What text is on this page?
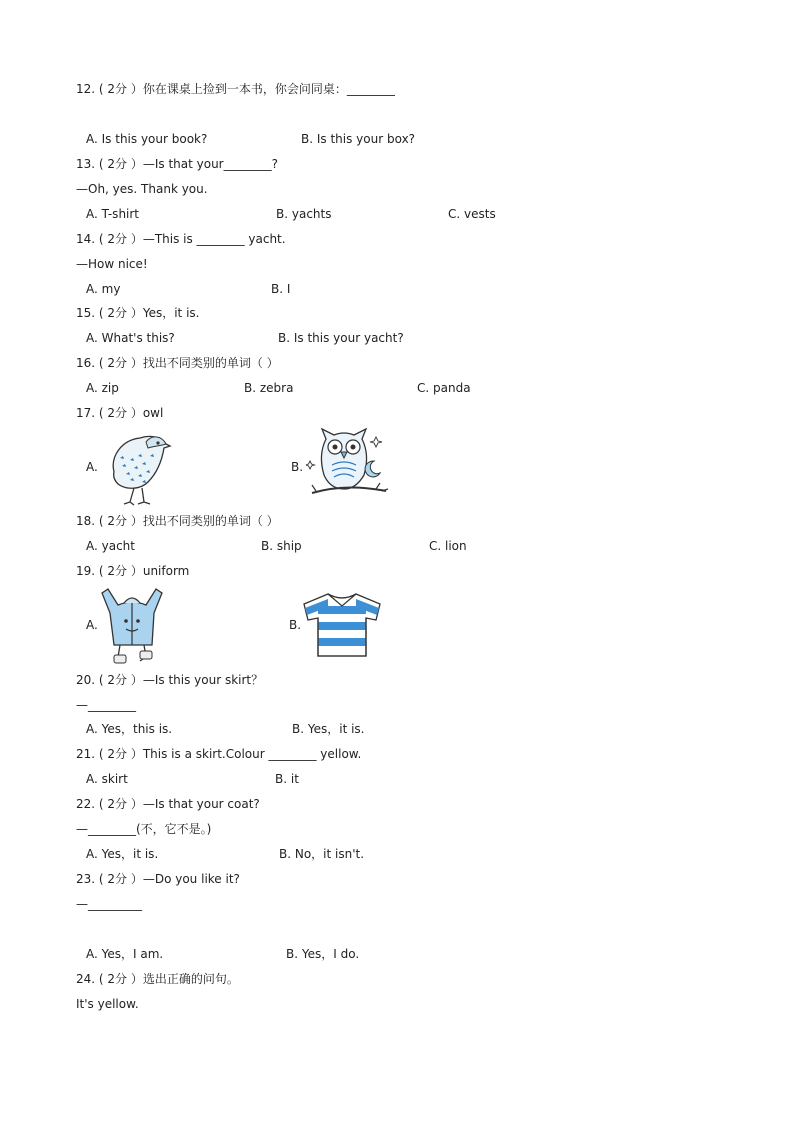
12. ( 2分 ）你在课桌上捡到一本书，你会问同桌：________
A. Is this your book?	B. Is this your box?
13. ( 2分 ）—Is that your________?
—Oh, yes. Thank you.
A. T-shirt	B. yachts	C. vests
14. ( 2分 ）—This is ________ yacht.
—How nice!
A. my	B. I
15. ( 2分 ）Yes，it is.
A. What's this?	B. Is this your yacht?
16. ( 2分 ）找出不同类别的单词（ ）
A. zip	B. zebra	C. panda
17. ( 2分 ）owl
A.	B.
18. ( 2分 ）找出不同类别的单词（ ）
A. yacht	B. ship	C. lion
19. ( 2分 ）uniform
A.	B.
20. ( 2分 ）—Is this your skirt？
—________
A. Yes，this is.	B. Yes，it is.
21. ( 2分 ）This is a skirt.Colour ________ yellow.
A. skirt	B. it
22. ( 2分 ）—Is that your coat?
—________(不，它不是。)
A. Yes，it is.	B. No，it isn't.
23. ( 2分 ）—Do you like it?
—_________
A. Yes，I am.	B. Yes，I do.
24. ( 2分 ）选出正确的问句。
It's yellow.
